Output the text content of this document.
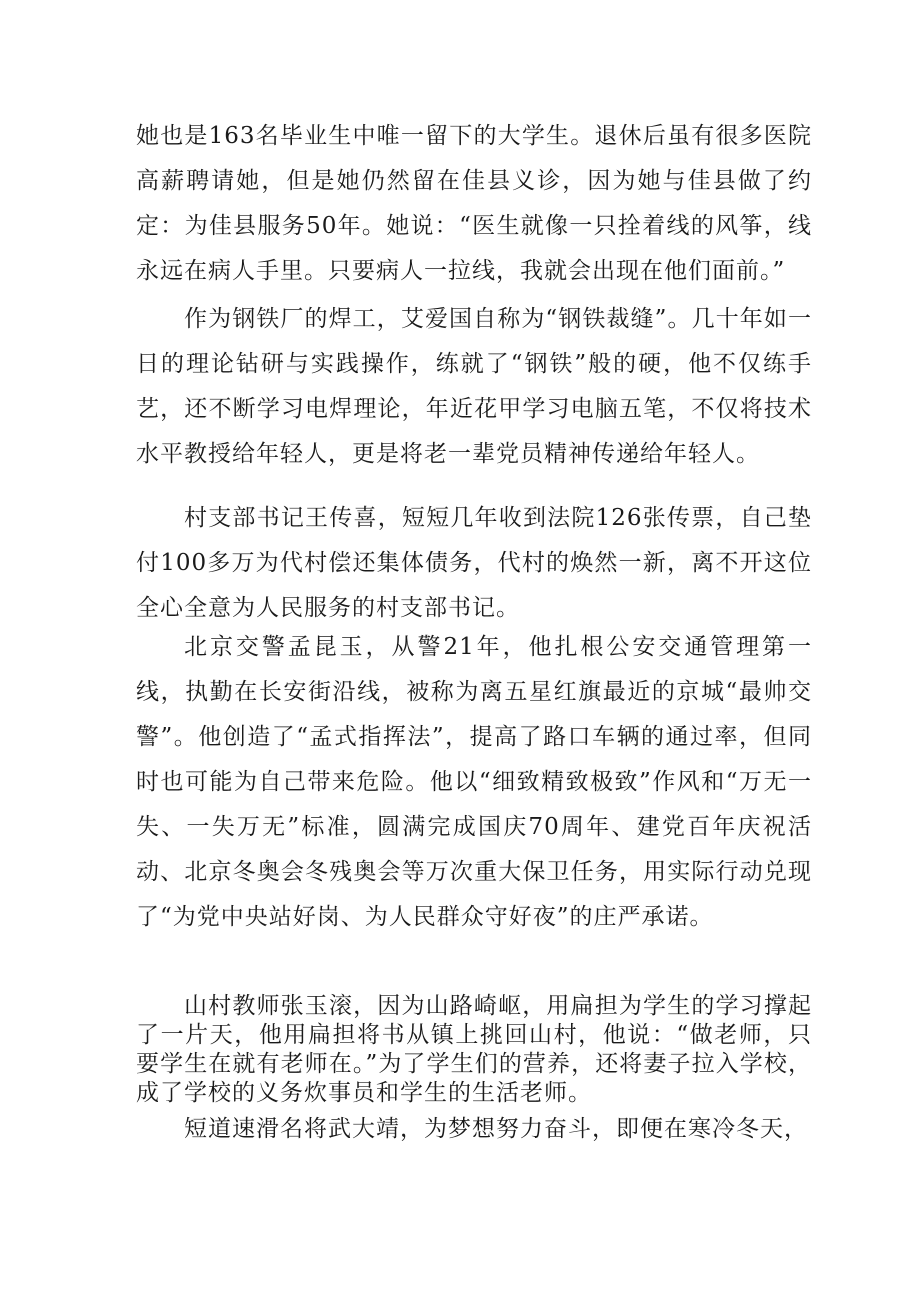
她也是163名毕业生中唯一留下的大学生。退休后虽有很多医院高薪聘请她，但是她仍然留在佳县义诊，因为她与佳县做了约定：为佳县服务50年。她说：“医生就像一只拴着线的风筝，线永远在病人手里。只要病人一拉线，我就会出现在他们面前。”

作为钢铁厂的焊工，艾爱国自称为“钢铁裁缝”。几十年如一日的理论钻研与实践操作，练就了“钢铁”般的硬，他不仅练手艺，还不断学习电焊理论，年近花甲学习电脑五笔，不仅将技术水平教授给年轻人，更是将老一辈党员精神传递给年轻人。

村支部书记王传喜，短短几年收到法院126张传票，自己垫付100多万为代村偿还集体债务，代村的焕然一新，离不开这位全心全意为人民服务的村支部书记。

北京交警孟昆玉，从警21年，他扎根公安交通管理第一线，执勤在长安街沿线，被称为离五星红旗最近的京城“最帅交警”。他创造了“孟式指挥法”，提高了路口车辆的通过率，但同时也可能为自己带来危险。他以“细致精致极致”作风和“万无一失、一失万无”标准，圆满完成国庆70周年、建党百年庆祝活动、北京冬奥会冬残奥会等万次重大保卫任务，用实际行动兑现了“为党中央站好岗、为人民群众守好夜”的庄严承诺。

山村教师张玉滚，因为山路崎岖，用扁担为学生的学习撑起了一片天，他用扁担将书从镇上挑回山村，他说：“做老师，只要学生在就有老师在。”为了学生们的营养，还将妻子拉入学校，成了学校的义务炊事员和学生的生活老师。

短道速滑名将武大靖，为梦想努力奋斗，即便在寒冷冬天，
